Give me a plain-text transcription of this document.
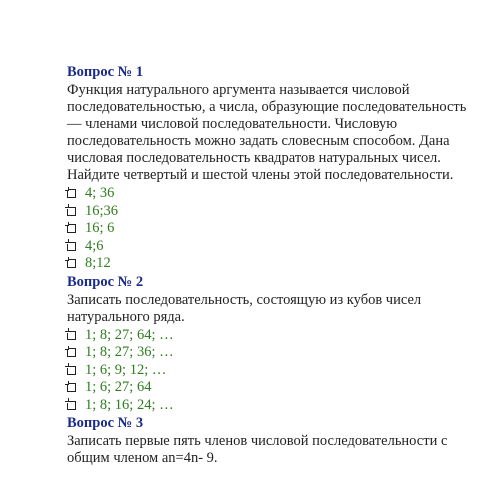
Вопрос № 1

Функция натурального аргумента называется числовой последовательностью, а числа, образующие последовательность — членами числовой последовательности. Числовую последовательность можно задать словесным способом. Дана числовая последовательность квадратов натуральных чисел. Найдите четвертый и шестой члены этой последовательности.

4; 36
16;36
16; 6
4;6
8;12

Вопрос № 2

Записать последовательность, состоящую из кубов чисел натурального ряда.

1; 8; 27; 64; …
1; 8; 27; 36; …
1; 6; 9; 12; …
1; 6; 27; 64
1; 8; 16; 24; …

Вопрос № 3

Записать первые пять членов числовой последовательности с общим членом an=4n- 9.
